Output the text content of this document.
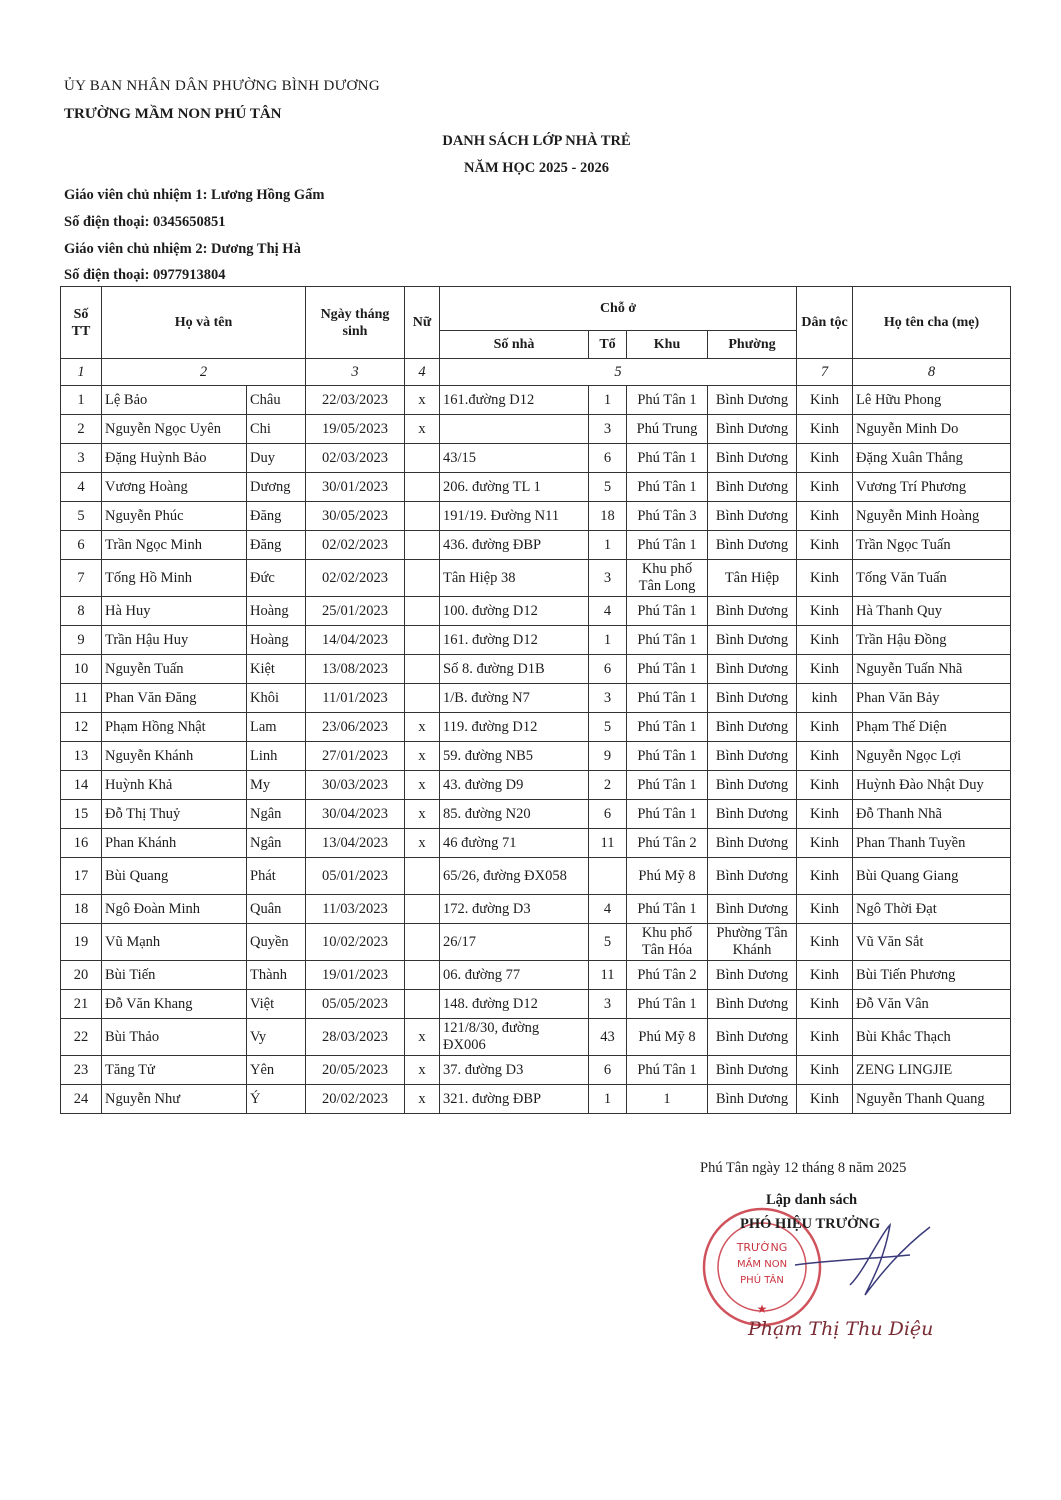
ỦY BAN NHÂN DÂN PHƯỜNG BÌNH DƯƠNG
TRƯỜNG MẦM NON PHÚ TÂN
DANH SÁCH LỚP NHÀ TRẺ
NĂM HỌC 2025 - 2026
Giáo viên chủ nhiệm 1: Lương Hồng Gấm
Số điện thoại: 0345650851
Giáo viên chủ nhiệm 2: Dương Thị Hà
Số điện thoại: 0977913804
Số TT	Họ và tên		Ngày tháng sinh	Nữ	Chỗ ở				Dân tộc	Họ tên cha (mẹ)
					Số nhà	Tổ	Khu	Phường		
1	2		3	4	5				7	8
1	Lệ Bảo	Châu	22/03/2023	x	161.đường D12	1	Phú Tân 1	Bình Dương	Kinh	Lê Hữu Phong
2	Nguyễn Ngọc Uyên	Chi	19/05/2023	x		3	Phú Trung	Bình Dương	Kinh	Nguyễn Minh Do
3	Đặng Huỳnh Bảo	Duy	02/03/2023		43/15	6	Phú Tân 1	Bình Dương	Kinh	Đặng Xuân Thắng
4	Vương Hoàng	Dương	30/01/2023		206. đường TL 1	5	Phú Tân 1	Bình Dương	Kinh	Vương Trí Phương
5	Nguyễn Phúc	Đăng	30/05/2023		191/19. Đường N11	18	Phú Tân 3	Bình Dương	Kinh	Nguyễn Minh Hoàng
6	Trần Ngọc Minh	Đăng	02/02/2023		436. đường ĐBP	1	Phú Tân 1	Bình Dương	Kinh	Trần Ngọc Tuấn
7	Tống Hồ Minh	Đức	02/02/2023		Tân Hiệp 38	3	Khu phố Tân Long	Tân Hiệp	Kinh	Tống Văn Tuấn
8	Hà Huy	Hoàng	25/01/2023		100. đường D12	4	Phú Tân 1	Bình Dương	Kinh	Hà Thanh Quy
9	Trần Hậu Huy	Hoàng	14/04/2023		161. đường D12	1	Phú Tân 1	Bình Dương	Kinh	Trần Hậu Đồng
10	Nguyễn Tuấn	Kiệt	13/08/2023		Số 8. đường D1B	6	Phú Tân 1	Bình Dương	Kinh	Nguyễn Tuấn Nhã
11	Phan Văn Đăng	Khôi	11/01/2023		1/B. đường N7	3	Phú Tân 1	Bình Dương	kinh	Phan Văn Bảy
12	Phạm Hồng Nhật	Lam	23/06/2023	x	119. đường D12	5	Phú Tân 1	Bình Dương	Kinh	Phạm Thế Diện
13	Nguyễn Khánh	Linh	27/01/2023	x	59. đường NB5	9	Phú Tân 1	Bình Dương	Kinh	Nguyễn Ngọc Lợi
14	Huỳnh Khả	My	30/03/2023	x	43. đường D9	2	Phú Tân 1	Bình Dương	Kinh	Huỳnh Đào Nhật Duy
15	Đỗ Thị Thuỷ	Ngân	30/04/2023	x	85. đường N20	6	Phú Tân 1	Bình Dương	Kinh	Đỗ Thanh Nhã
16	Phan Khánh	Ngân	13/04/2023	x	46 đường 71	11	Phú Tân 2	Bình Dương	Kinh	Phan Thanh Tuyền
17	Bùi Quang	Phát	05/01/2023		65/26, đường ĐX058		Phú Mỹ 8	Bình Dương	Kinh	Bùi Quang Giang
18	Ngô Đoàn Minh	Quân	11/03/2023		172. đường D3	4	Phú Tân 1	Bình Dương	Kinh	Ngô Thời Đạt
19	Vũ Mạnh	Quyền	10/02/2023		26/17	5	Khu phố Tân Hóa	Phường Tân Khánh	Kinh	Vũ Văn Sắt
20	Bùi Tiến	Thành	19/01/2023		06. đường 77	11	Phú Tân 2	Bình Dương	Kinh	Bùi Tiến Phương
21	Đỗ Văn Khang	Việt	05/05/2023		148. đường D12	3	Phú Tân 1	Bình Dương	Kinh	Đỗ Văn Vân
22	Bùi Thảo	Vy	28/03/2023	x	121/8/30, đường ĐX006	43	Phú Mỹ 8	Bình Dương	Kinh	Bùi Khắc Thạch
23	Tăng Tử	Yên	20/05/2023	x	37. đường D3	6	Phú Tân 1	Bình Dương	Kinh	ZENG LINGJIE
24	Nguyễn Như	Ý	20/02/2023	x	321. đường ĐBP	1	1	Bình Dương	Kinh	Nguyễn Thanh Quang
Phú Tân ngày 12 tháng 8 năm 2025
Lập danh sách
TRƯỜNG
MẦM NON
PHÚ TÂN
★
PHÓ HIỆU TRƯỞNG
Phạm Thị Thu Diệu
